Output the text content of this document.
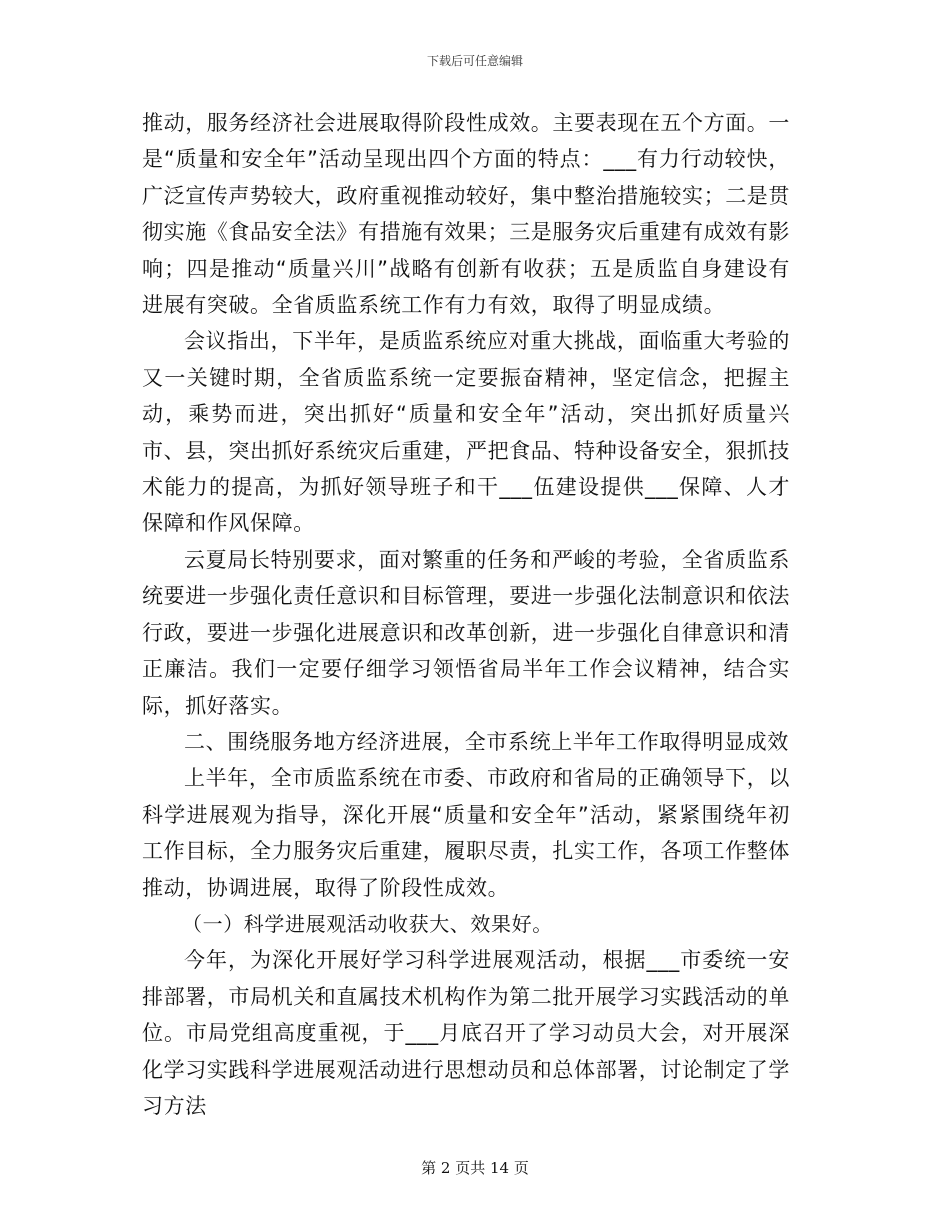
下载后可任意编辑

推动，服务经济社会进展取得阶段性成效。主要表现在五个方面。一是“质量和安全年”活动呈现出四个方面的特点：___有力行动较快，广泛宣传声势较大，政府重视推动较好，集中整治措施较实；二是贯彻实施《食品安全法》有措施有效果；三是服务灾后重建有成效有影响；四是推动“质量兴川”战略有创新有收获；五是质监自身建设有进展有突破。全省质监系统工作有力有效，取得了明显成绩。

会议指出，下半年，是质监系统应对重大挑战，面临重大考验的又一关键时期，全省质监系统一定要振奋精神，坚定信念，把握主动，乘势而进，突出抓好“质量和安全年”活动，突出抓好质量兴市、县，突出抓好系统灾后重建，严把食品、特种设备安全，狠抓技术能力的提高，为抓好领导班子和干___伍建设提供___保障、人才保障和作风保障。

云夏局长特别要求，面对繁重的任务和严峻的考验，全省质监系统要进一步强化责任意识和目标管理，要进一步强化法制意识和依法行政，要进一步强化进展意识和改革创新，进一步强化自律意识和清正廉洁。我们一定要仔细学习领悟省局半年工作会议精神，结合实际，抓好落实。

二、围绕服务地方经济进展，全市系统上半年工作取得明显成效

上半年，全市质监系统在市委、市政府和省局的正确领导下，以科学进展观为指导，深化开展“质量和安全年”活动，紧紧围绕年初工作目标，全力服务灾后重建，履职尽责，扎实工作，各项工作整体推动，协调进展，取得了阶段性成效。

（一）科学进展观活动收获大、效果好。

今年，为深化开展好学习科学进展观活动，根据___市委统一安排部署，市局机关和直属技术机构作为第二批开展学习实践活动的单位。市局党组高度重视，于___月底召开了学习动员大会，对开展深化学习实践科学进展观活动进行思想动员和总体部署，讨论制定了学习方法

第 2 页共 14 页
